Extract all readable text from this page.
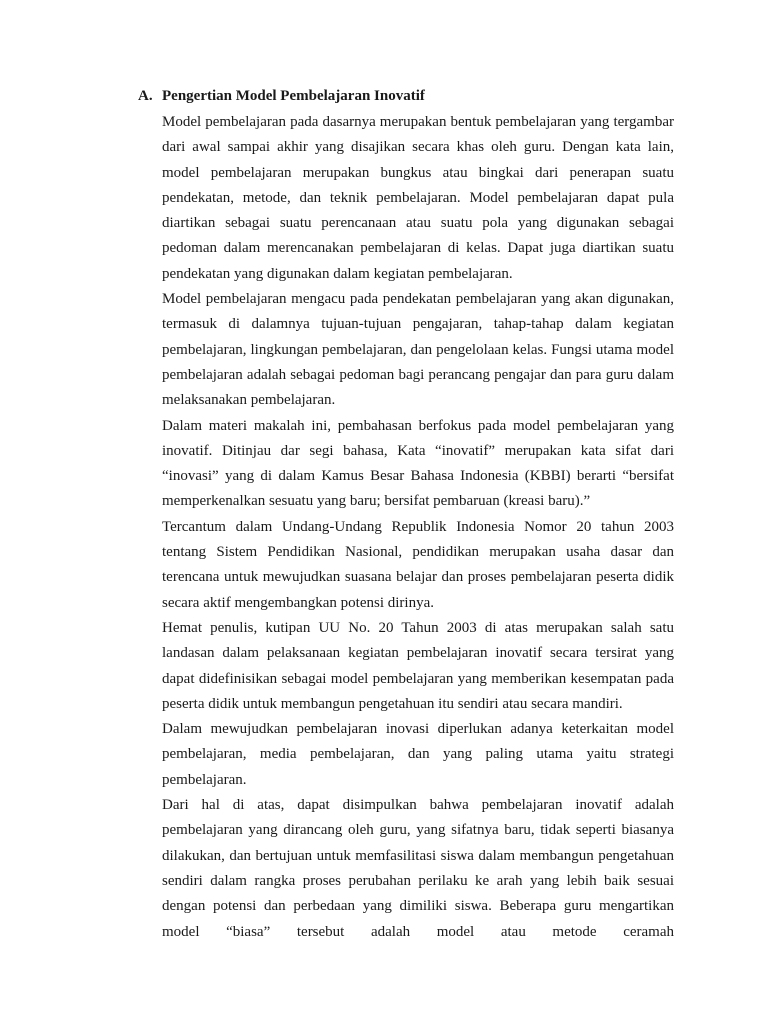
A. Pengertian Model Pembelajaran Inovatif

Model pembelajaran pada dasarnya merupakan bentuk pembelajaran yang tergambar dari awal sampai akhir yang disajikan secara khas oleh guru. Dengan kata lain, model pembelajaran merupakan bungkus atau bingkai dari penerapan suatu pendekatan, metode, dan teknik pembelajaran. Model pembelajaran dapat pula diartikan sebagai suatu perencanaan atau suatu pola yang digunakan sebagai pedoman dalam merencanakan pembelajaran di kelas. Dapat juga diartikan suatu pendekatan yang digunakan dalam kegiatan pembelajaran.

Model pembelajaran mengacu pada pendekatan pembelajaran yang akan digunakan, termasuk di dalamnya tujuan-tujuan pengajaran, tahap-tahap dalam kegiatan pembelajaran, lingkungan pembelajaran, dan pengelolaan kelas. Fungsi utama model pembelajaran adalah sebagai pedoman bagi perancang pengajar dan para guru dalam melaksanakan pembelajaran.

Dalam materi makalah ini, pembahasan berfokus pada model pembelajaran yang inovatif. Ditinjau dar segi bahasa, Kata “inovatif” merupakan kata sifat dari “inovasi” yang di dalam Kamus Besar Bahasa Indonesia (KBBI) berarti “bersifat memperkenalkan sesuatu yang baru; bersifat pembaruan (kreasi baru).”

Tercantum dalam Undang-Undang Republik Indonesia Nomor 20 tahun 2003 tentang Sistem Pendidikan Nasional, pendidikan merupakan usaha dasar dan terencana untuk mewujudkan suasana belajar dan proses pembelajaran peserta didik secara aktif mengembangkan potensi dirinya.

Hemat penulis, kutipan UU No. 20 Tahun 2003 di atas merupakan salah satu landasan dalam pelaksanaan kegiatan pembelajaran inovatif secara tersirat yang dapat didefinisikan sebagai model pembelajaran yang memberikan kesempatan pada peserta didik untuk membangun pengetahuan itu sendiri atau secara mandiri.

Dalam mewujudkan pembelajaran inovasi diperlukan adanya keterkaitan model pembelajaran, media pembelajaran, dan yang paling utama yaitu strategi pembelajaran.

Dari hal di atas, dapat disimpulkan bahwa pembelajaran inovatif adalah pembelajaran yang dirancang oleh guru, yang sifatnya baru, tidak seperti biasanya dilakukan, dan bertujuan untuk memfasilitasi siswa dalam membangun pengetahuan sendiri dalam rangka proses perubahan perilaku ke arah yang lebih baik sesuai dengan potensi dan perbedaan yang dimiliki siswa. Beberapa guru mengartikan model “biasa” tersebut adalah model atau metode ceramah
